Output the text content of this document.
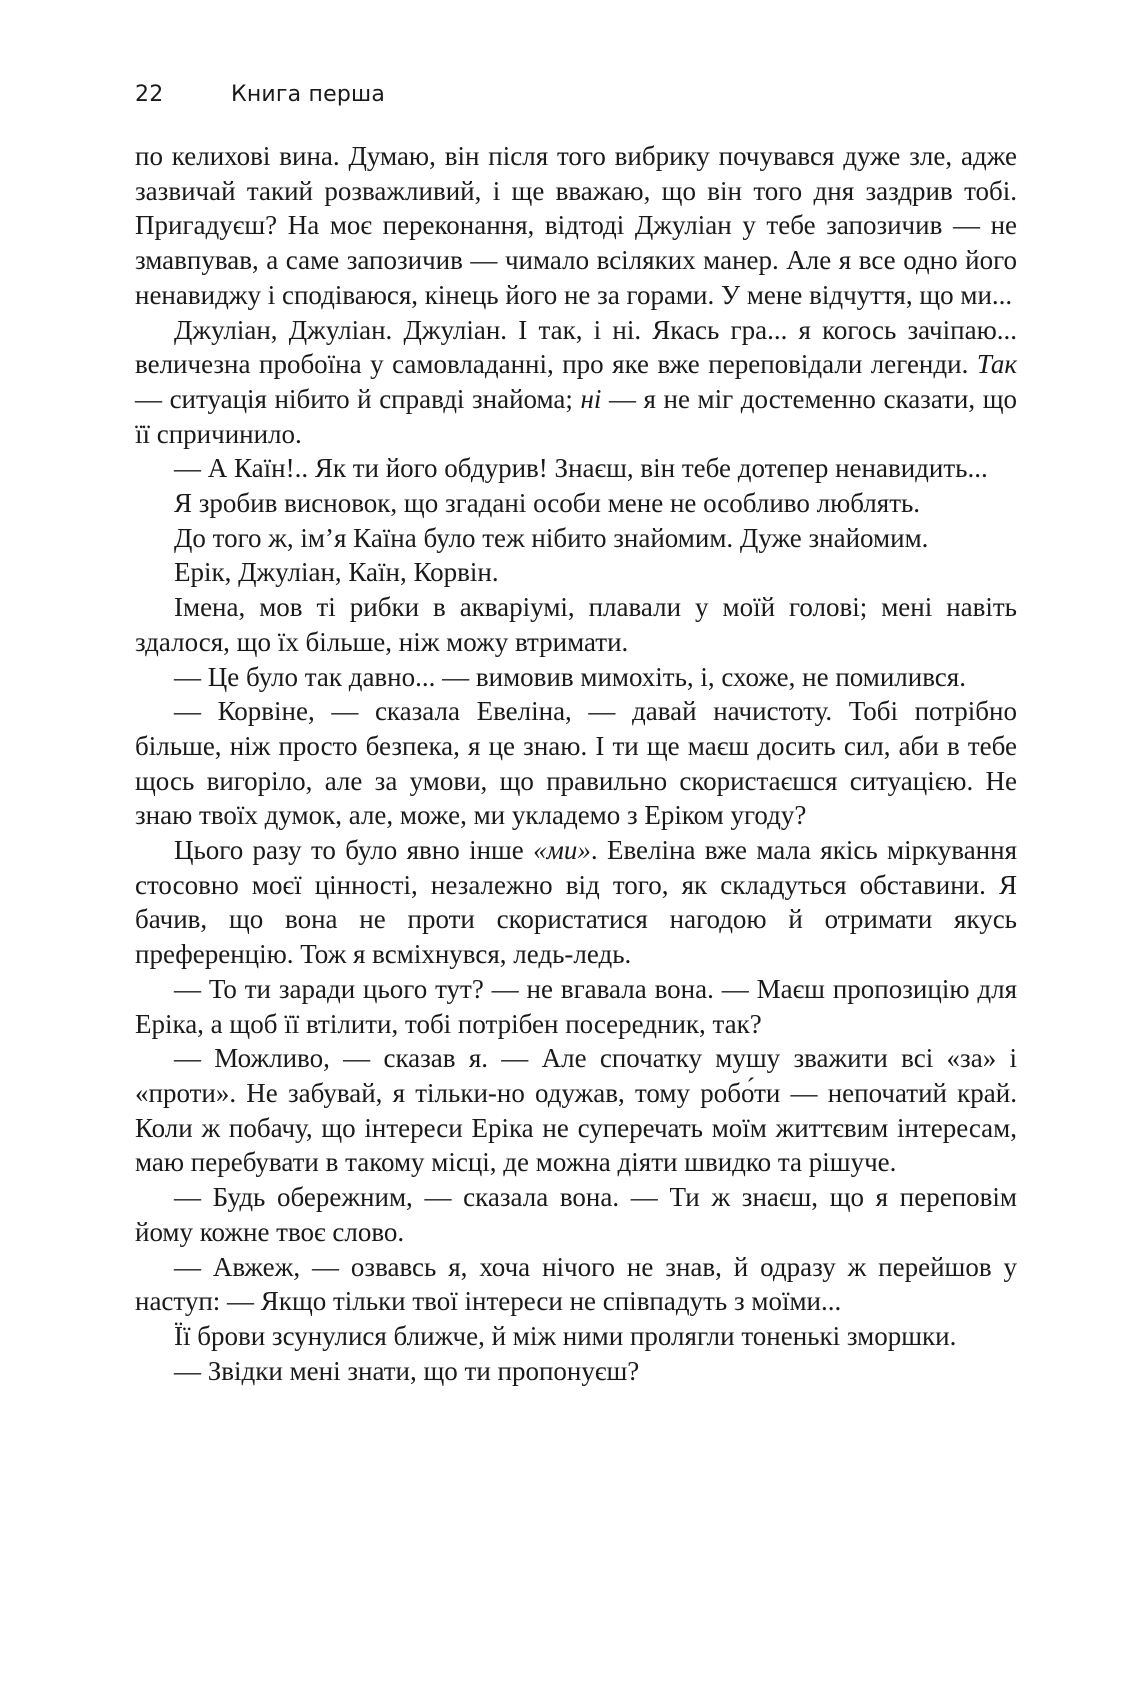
22	Книга перша

по келихові вина. Думаю, він після того вибрику почувався дуже зле, адже зазвичай такий розважливий, і ще вважаю, що він того дня заздрив тобі. Пригадуєш? На моє переконання, відтоді Джуліан у тебе запозичив — не змавпував, а саме запозичив — чимало всіляких манер. Але я все одно його ненавиджу і сподіваюся, кінець його не за горами. У мене відчуття, що ми...

Джуліан, Джуліан. Джуліан. І так, і ні. Якась гра... я когось зачіпаю... величезна пробоїна у самовладанні, про яке вже переповідали легенди. Так — ситуація нібито й справді знайома; ні — я не міг достеменно сказати, що її спричинило.

— А Каїн!.. Як ти його обдурив! Знаєш, він тебе дотепер ненавидить...

Я зробив висновок, що згадані особи мене не особливо люблять.

До того ж, ім’я Каїна було теж нібито знайомим. Дуже знайомим.

Ерік, Джуліан, Каїн, Корвін.

Імена, мов ті рибки в акваріумі, плавали у моїй голові; мені навіть здалося, що їх більше, ніж можу втримати.

— Це було так давно... — вимовив мимохіть, і, схоже, не помилився.

— Корвіне, — сказала Евеліна, — давай начистоту. Тобі потрібно більше, ніж просто безпека, я це знаю. І ти ще маєш досить сил, аби в тебе щось вигоріло, але за умови, що правильно скористаєшся ситуацією. Не знаю твоїх думок, але, може, ми укладемо з Еріком угоду?

Цього разу то було явно інше «ми». Евеліна вже мала якісь міркування стосовно моєї цінності, незалежно від того, як складуться обставини. Я бачив, що вона не проти скористатися нагодою й отримати якусь преференцію. Тож я всміхнувся, ледь-ледь.

— То ти заради цього тут? — не вгавала вона. — Маєш пропозицію для Еріка, а щоб її втілити, тобі потрібен посередник, так?

— Можливо, — сказав я. — Але спочатку мушу зважити всі «за» і «проти». Не забувай, я тільки-но одужав, тому робо́ти — непочатий край. Коли ж побачу, що інтереси Еріка не суперечать моїм життєвим інтересам, маю перебувати в такому місці, де можна діяти швидко та рішуче.

— Будь обережним, — сказала вона. — Ти ж знаєш, що я переповім йому кожне твоє слово.

— Авжеж, — озвавсь я, хоча нічого не знав, й одразу ж перейшов у наступ: — Якщо тільки твої інтереси не співпадуть з моїми...

Її брови зсунулися ближче, й між ними пролягли тоненькі зморшки.

— Звідки мені знати, що ти пропонуєш?
